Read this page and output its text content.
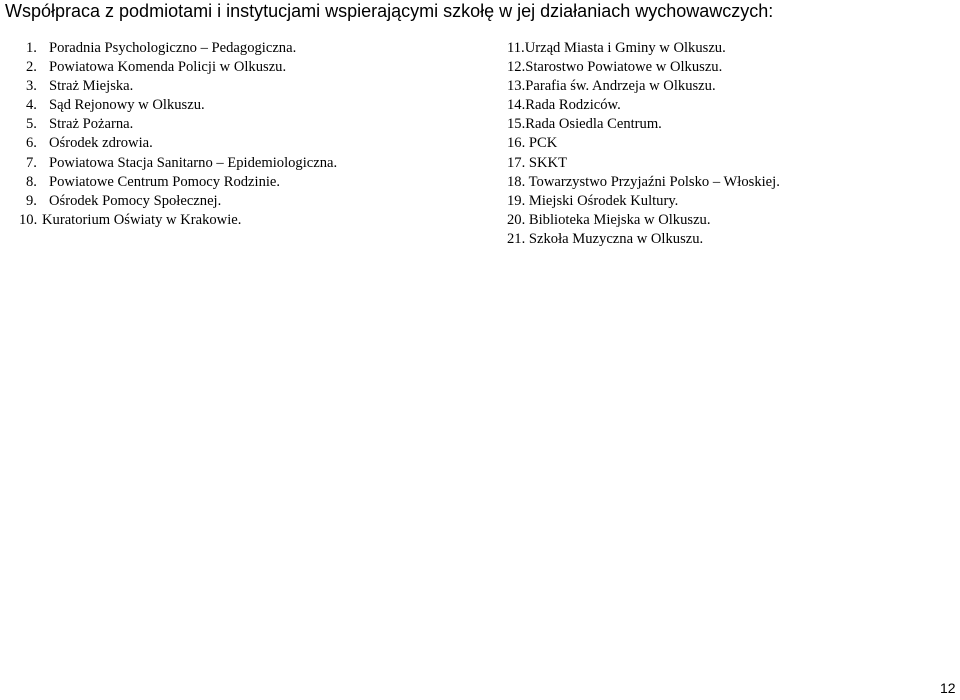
Współpraca z podmiotami i instytucjami wspierającymi szkołę w jej działaniach wychowawczych:
1. Poradnia Psychologiczno – Pedagogiczna.
2. Powiatowa Komenda Policji w Olkuszu.
3. Straż Miejska.
4. Sąd Rejonowy w Olkuszu.
5. Straż Pożarna.
6. Ośrodek zdrowia.
7. Powiatowa Stacja Sanitarno – Epidemiologiczna.
8. Powiatowe Centrum Pomocy Rodzinie.
9. Ośrodek Pomocy Społecznej.
10. Kuratorium Oświaty w Krakowie.
11.Urząd Miasta i Gminy w Olkuszu.
12.Starostwo Powiatowe w Olkuszu.
13.Parafia św. Andrzeja w Olkuszu.
14.Rada Rodziców.
15.Rada Osiedla Centrum.
16. PCK
17. SKKT
18. Towarzystwo Przyjaźni Polsko – Włoskiej.
19. Miejski Ośrodek Kultury.
20. Biblioteka Miejska w Olkuszu.
21. Szkoła Muzyczna w Olkuszu.
12
